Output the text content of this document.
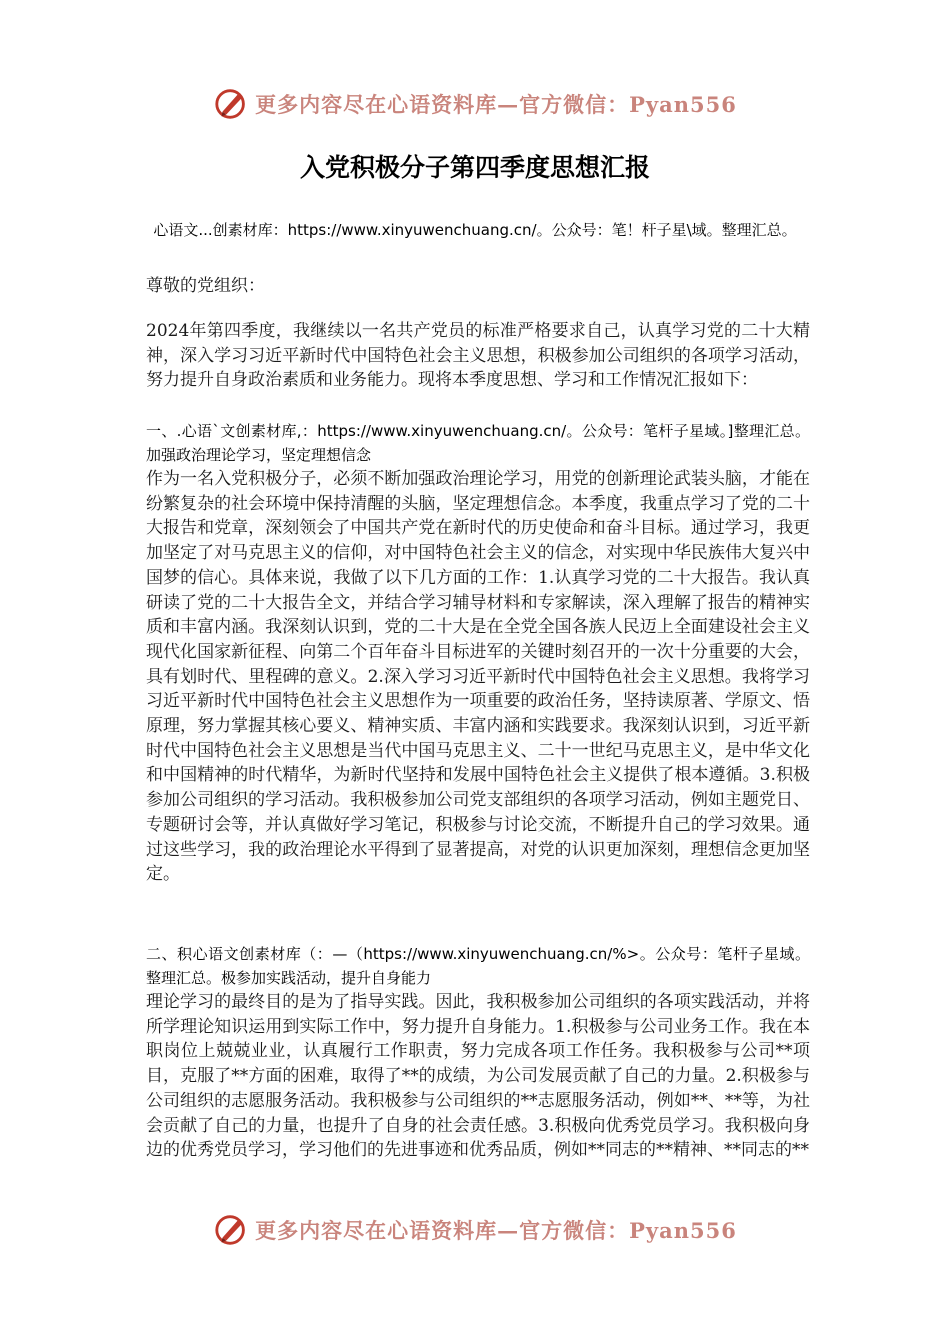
更多内容尽在心语资料库—官方微信：Pyan556
入党积极分子第四季度思想汇报
心语文...创素材库：https://www.xinyuwenchuang.cn/。公众号：笔！杆子星\域。整理汇总。
尊敬的党组织：

2024年第四季度，我继续以一名共产党员的标准严格要求自己，认真学习党的二十大精神，深入学习习近平新时代中国特色社会主义思想，积极参加公司组织的各项学习活动，努力提升自身政治素质和业务能力。现将本季度思想、学习和工作情况汇报如下：

一、.心语`文创素材库,：https://www.xinyuwenchuang.cn/。公众号：笔杆子星域。]整理汇总。加强政治理论学习，坚定理想信念

作为一名入党积极分子，必须不断加强政治理论学习，用党的创新理论武装头脑，才能在纷繁复杂的社会环境中保持清醒的头脑，坚定理想信念。本季度，我重点学习了党的二十大报告和党章，深刻领会了中国共产党在新时代的历史使命和奋斗目标。通过学习，我更加坚定了对马克思主义的信仰，对中国特色社会主义的信念，对实现中华民族伟大复兴中国梦的信心。具体来说，我做了以下几方面的工作：1.认真学习党的二十大报告。我认真研读了党的二十大报告全文，并结合学习辅导材料和专家解读，深入理解了报告的精神实质和丰富内涵。我深刻认识到，党的二十大是在全党全国各族人民迈上全面建设社会主义现代化国家新征程、向第二个百年奋斗目标进军的关键时刻召开的一次十分重要的大会，具有划时代、里程碑的意义。2.深入学习习近平新时代中国特色社会主义思想。我将学习习近平新时代中国特色社会主义思想作为一项重要的政治任务，坚持读原著、学原文、悟原理，努力掌握其核心要义、精神实质、丰富内涵和实践要求。我深刻认识到，习近平新时代中国特色社会主义思想是当代中国马克思主义、二十一世纪马克思主义，是中华文化和中国精神的时代精华，为新时代坚持和发展中国特色社会主义提供了根本遵循。3.积极参加公司组织的学习活动。我积极参加公司党支部组织的各项学习活动，例如主题党日、专题研讨会等，并认真做好学习笔记，积极参与讨论交流，不断提升自己的学习效果。通过这些学习，我的政治理论水平得到了显著提高，对党的认识更加深刻，理想信念更加坚定。

二、积心语文创素材库（：—（https://www.xinyuwenchuang.cn/%>。公众号：笔杆子星域。整理汇总。极参加实践活动，提升自身能力

理论学习的最终目的是为了指导实践。因此，我积极参加公司组织的各项实践活动，并将所学理论知识运用到实际工作中，努力提升自身能力。1.积极参与公司业务工作。我在本职岗位上兢兢业业，认真履行工作职责，努力完成各项工作任务。我积极参与公司**项目，克服了**方面的困难，取得了**的成绩，为公司发展贡献了自己的力量。2.积极参与公司组织的志愿服务活动。我积极参与公司组织的**志愿服务活动，例如**、**等，为社会贡献了自己的力量，也提升了自身的社会责任感。3.积极向优秀党员学习。我积极向身边的优秀党员学习，学习他们的先进事迹和优秀品质，例如**同志的**精神、**同志的**

更多内容尽在心语资料库—官方微信：Pyan556
